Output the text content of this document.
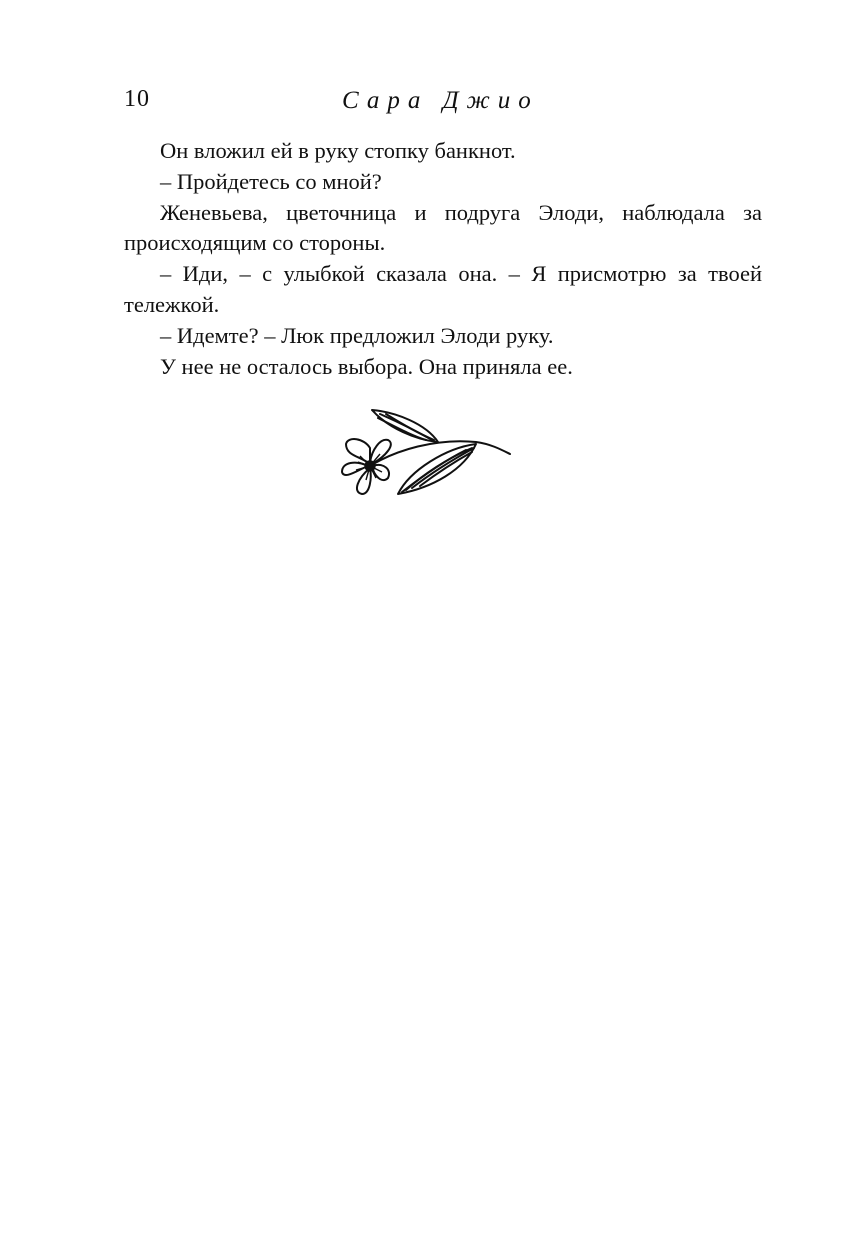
10	Сара Джио

Он вложил ей в руку стопку банкнот.

– Пройдетесь со мной?

Женевьева, цветочница и подруга Элоди, наблюдала за происходящим со стороны.

– Иди, – с улыбкой сказала она. – Я присмотрю за твоей тележкой.

– Идемте? – Люк предложил Элоди руку.

У нее не осталось выбора. Она приняла ее.
